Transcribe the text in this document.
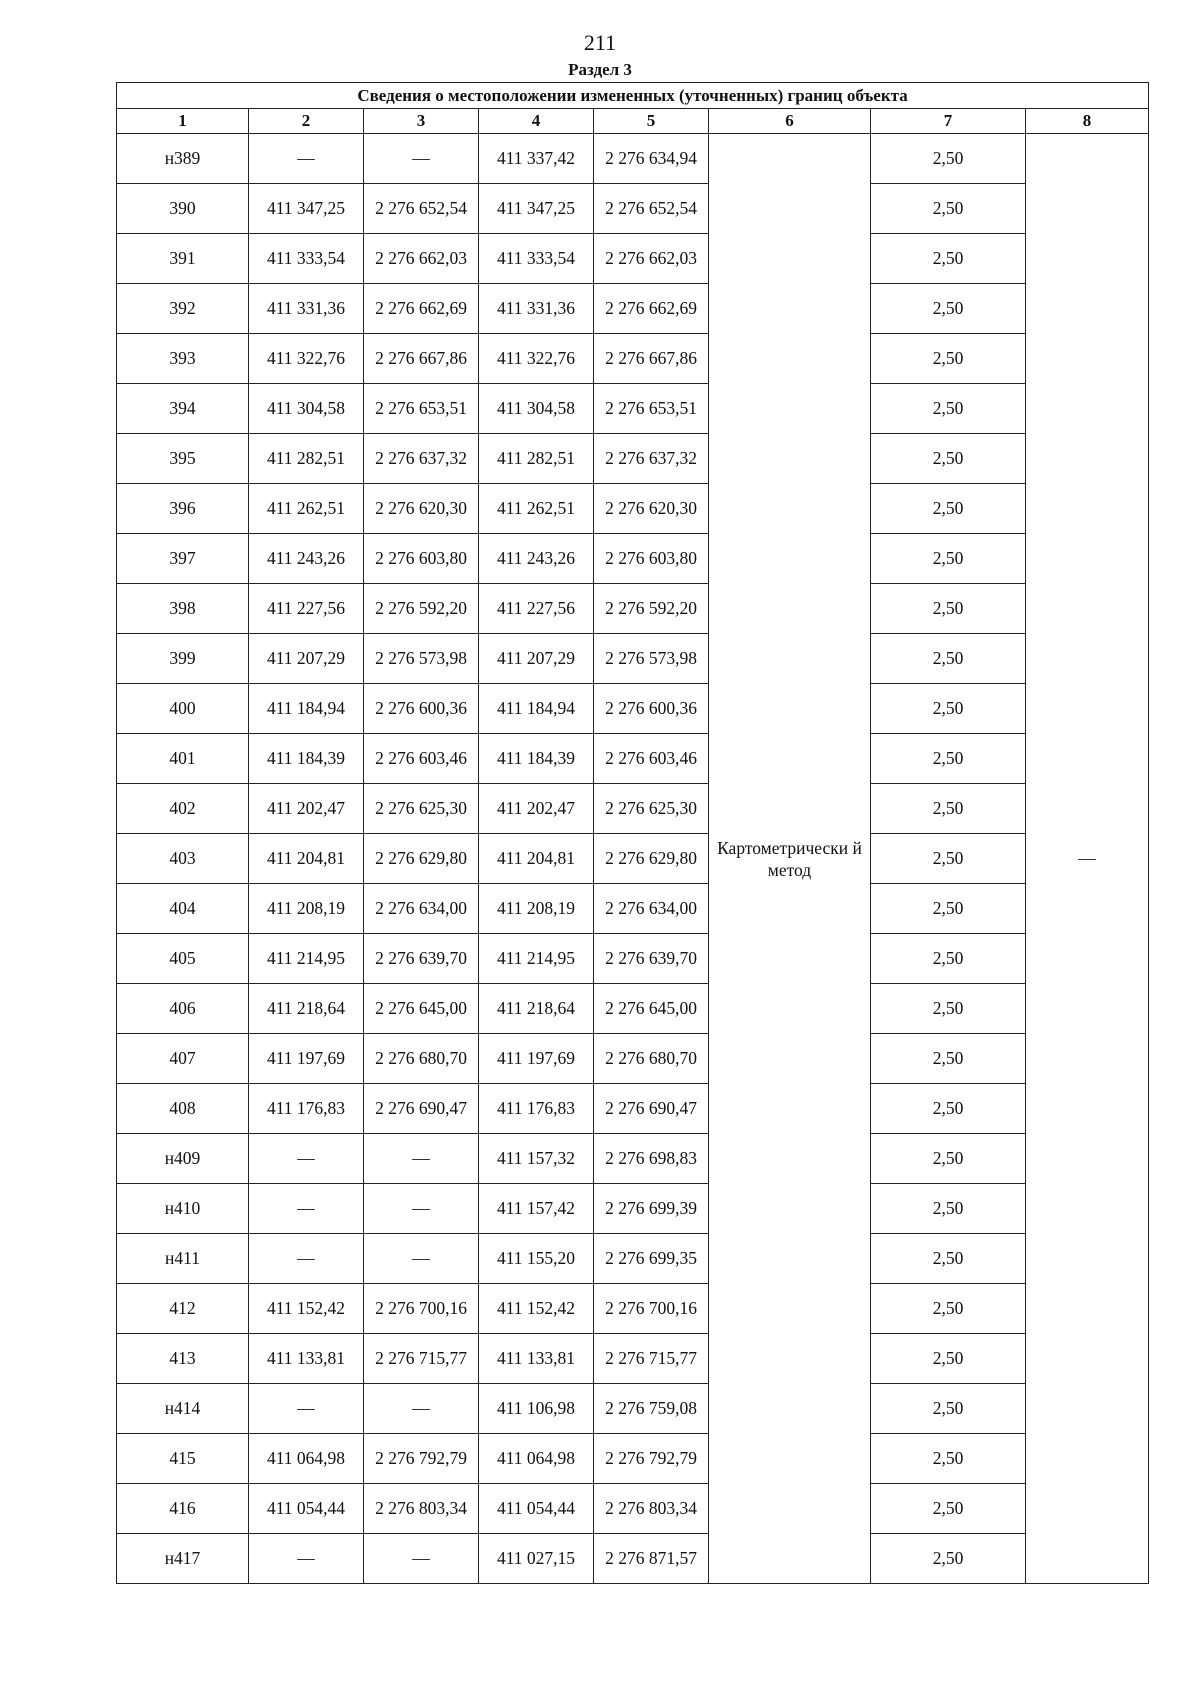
211
Раздел 3
Сведения о местоположении измененных (уточненных) границ объекта							
1	2	3	4	5	6	7	8
н389	—	—	411 337,42	2 276 634,94	Картометрически й метод	2,50	—
390	411 347,25	2 276 652,54	411 347,25	2 276 652,54		2,50	
391	411 333,54	2 276 662,03	411 333,54	2 276 662,03		2,50	
392	411 331,36	2 276 662,69	411 331,36	2 276 662,69		2,50	
393	411 322,76	2 276 667,86	411 322,76	2 276 667,86		2,50	
394	411 304,58	2 276 653,51	411 304,58	2 276 653,51		2,50	
395	411 282,51	2 276 637,32	411 282,51	2 276 637,32		2,50	
396	411 262,51	2 276 620,30	411 262,51	2 276 620,30		2,50	
397	411 243,26	2 276 603,80	411 243,26	2 276 603,80		2,50	
398	411 227,56	2 276 592,20	411 227,56	2 276 592,20		2,50	
399	411 207,29	2 276 573,98	411 207,29	2 276 573,98		2,50	
400	411 184,94	2 276 600,36	411 184,94	2 276 600,36		2,50	
401	411 184,39	2 276 603,46	411 184,39	2 276 603,46		2,50	
402	411 202,47	2 276 625,30	411 202,47	2 276 625,30		2,50	
403	411 204,81	2 276 629,80	411 204,81	2 276 629,80		2,50	
404	411 208,19	2 276 634,00	411 208,19	2 276 634,00		2,50	
405	411 214,95	2 276 639,70	411 214,95	2 276 639,70		2,50	
406	411 218,64	2 276 645,00	411 218,64	2 276 645,00		2,50	
407	411 197,69	2 276 680,70	411 197,69	2 276 680,70		2,50	
408	411 176,83	2 276 690,47	411 176,83	2 276 690,47		2,50	
н409	—	—	411 157,32	2 276 698,83		2,50	
н410	—	—	411 157,42	2 276 699,39		2,50	
н411	—	—	411 155,20	2 276 699,35		2,50	
412	411 152,42	2 276 700,16	411 152,42	2 276 700,16		2,50	
413	411 133,81	2 276 715,77	411 133,81	2 276 715,77		2,50	
н414	—	—	411 106,98	2 276 759,08		2,50	
415	411 064,98	2 276 792,79	411 064,98	2 276 792,79		2,50	
416	411 054,44	2 276 803,34	411 054,44	2 276 803,34		2,50	
н417	—	—	411 027,15	2 276 871,57		2,50	
